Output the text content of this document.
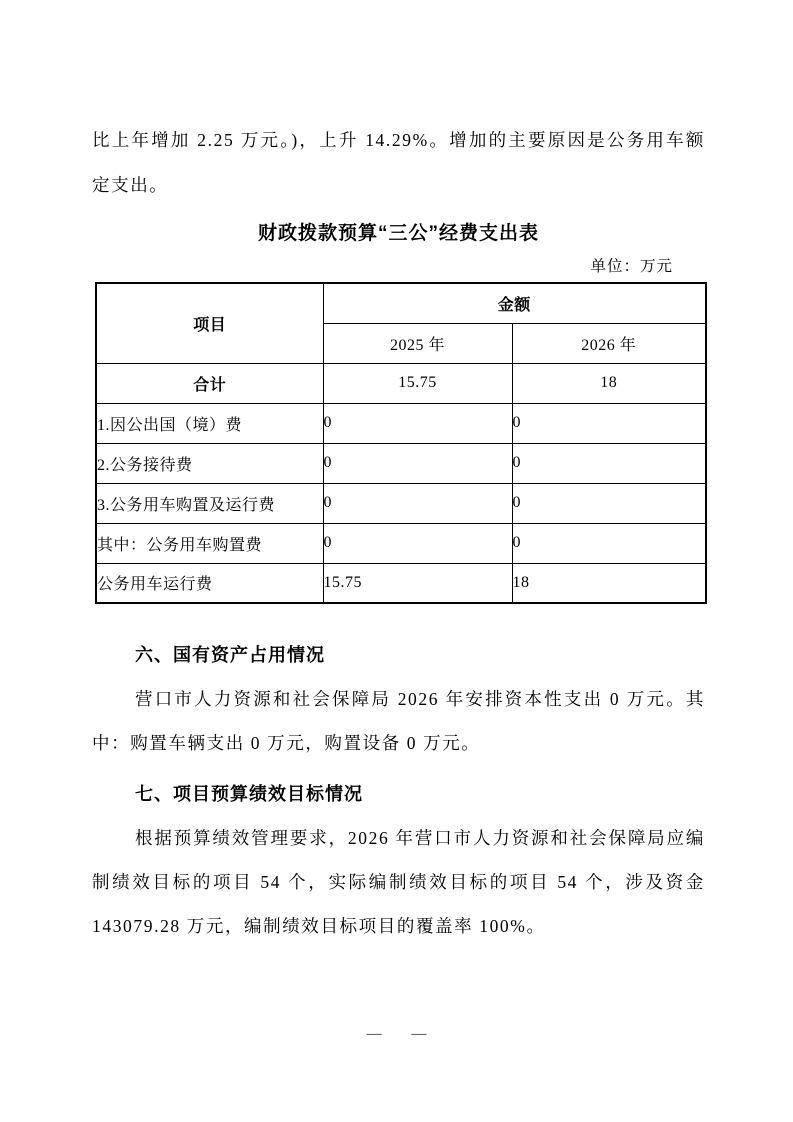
比上年增加 2.25 万元。)，上升 14.29%。增加的主要原因是公务用车额定支出。

财政拨款预算“三公”经费支出表
单位：万元
项目	金额	
	2025 年	2026 年
合计	15.75	18
1.因公出国（境）费	0	0
2.公务接待费	0	0
3.公务用车购置及运行费	0	0
其中：公务用车购置费	0	0
公务用车运行费	15.75	18
六、国有资产占用情况

营口市人力资源和社会保障局 2026 年安排资本性支出 0 万元。其中：购置车辆支出 0 万元，购置设备 0 万元。

七、项目预算绩效目标情况

根据预算绩效管理要求，2026 年营口市人力资源和社会保障局应编制绩效目标的项目 54 个，实际编制绩效目标的项目 54 个，涉及资金 143079.28 万元，编制绩效目标项目的覆盖率 100%。

— —
